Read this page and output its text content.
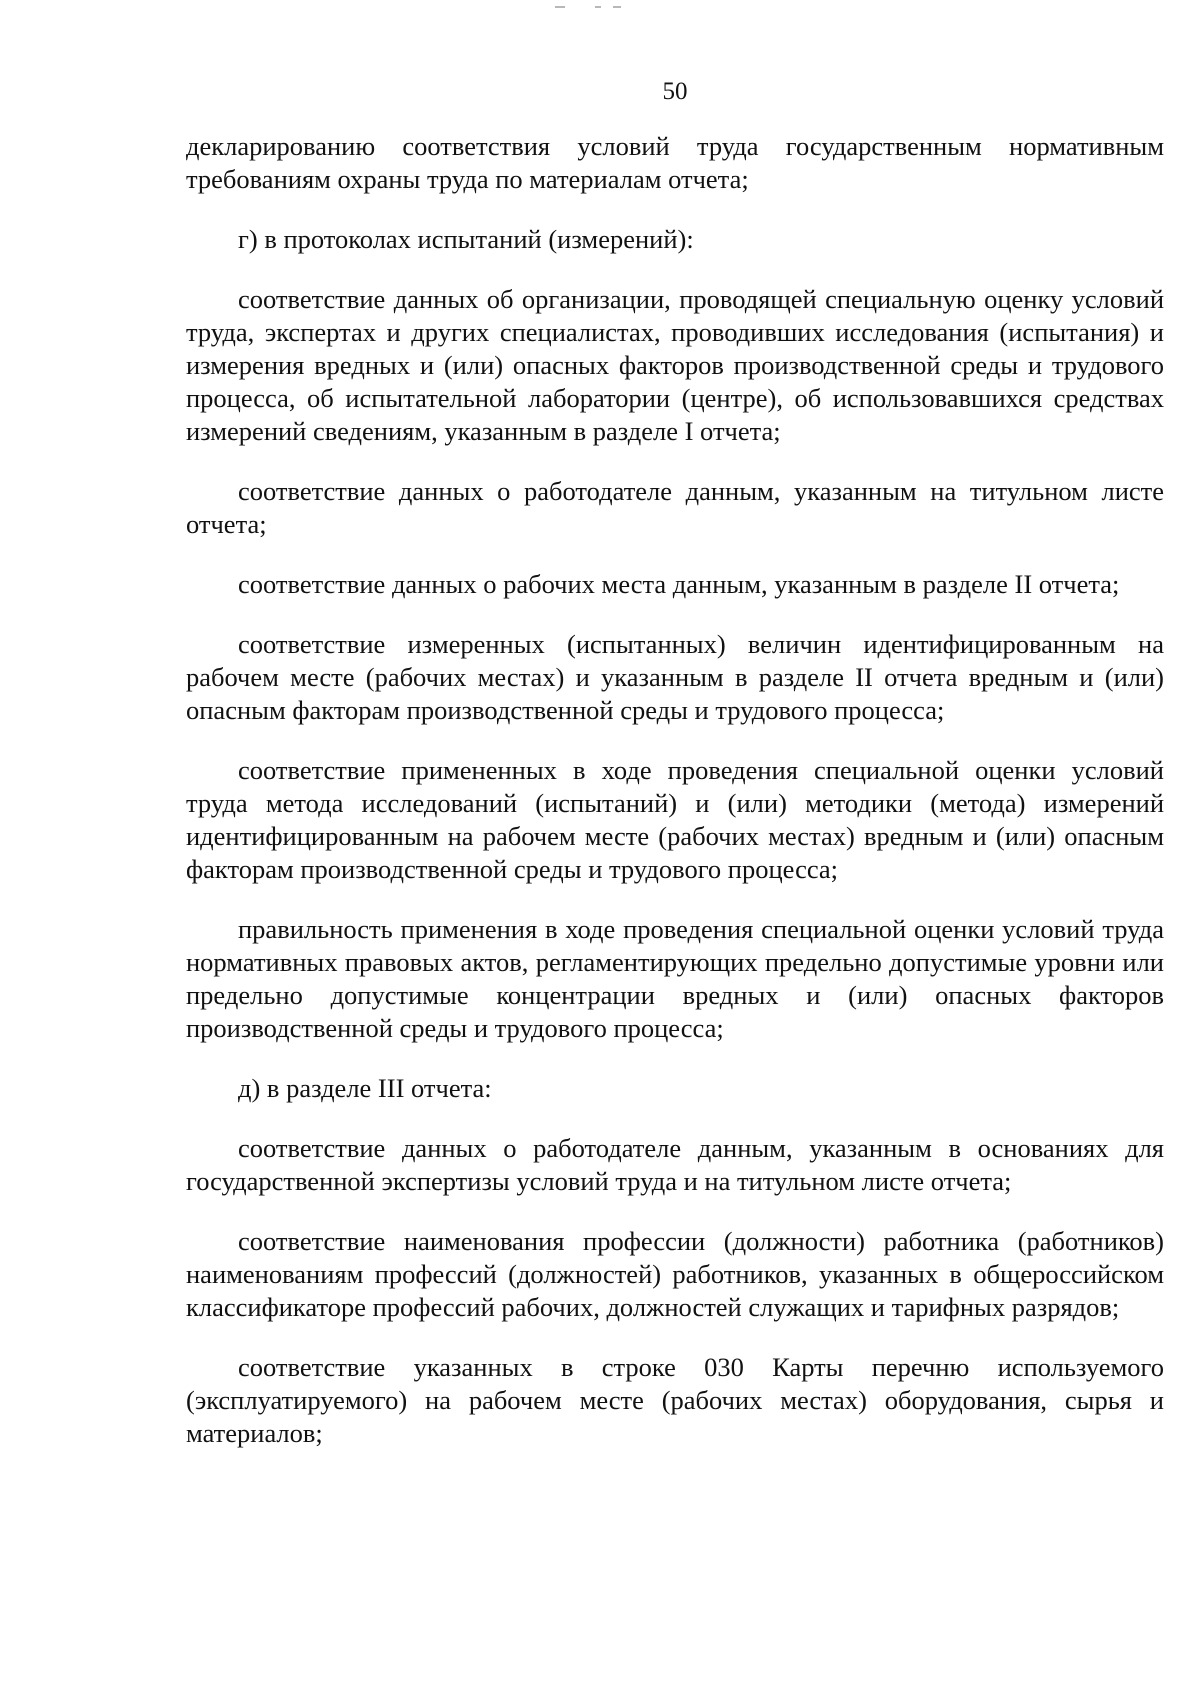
50

декларированию соответствия условий труда государственным нормативным требованиям охраны труда по материалам отчета;

г) в протоколах испытаний (измерений):

соответствие данных об организации, проводящей специальную оценку условий труда, экспертах и других специалистах, проводивших исследования (испытания) и измерения вредных и (или) опасных факторов производственной среды и трудового процесса, об испытательной лаборатории (центре), об использовавшихся средствах измерений сведениям, указанным в разделе I отчета;

соответствие данных о работодателе данным, указанным на титульном листе отчета;

соответствие данных о рабочих места данным, указанным в разделе II отчета;

соответствие измеренных (испытанных) величин идентифицированным на рабочем месте (рабочих местах) и указанным в разделе II отчета вредным и (или) опасным факторам производственной среды и трудового процесса;

соответствие примененных в ходе проведения специальной оценки условий труда метода исследований (испытаний) и (или) методики (метода) измерений идентифицированным на рабочем месте (рабочих местах) вредным и (или) опасным факторам производственной среды и трудового процесса;

правильность применения в ходе проведения специальной оценки условий труда нормативных правовых актов, регламентирующих предельно допустимые уровни или предельно допустимые концентрации вредных и (или) опасных факторов производственной среды и трудового процесса;

д) в разделе III отчета:

соответствие данных о работодателе данным, указанным в основаниях для государственной экспертизы условий труда и на титульном листе отчета;

соответствие наименования профессии (должности) работника (работников) наименованиям профессий (должностей) работников, указанных в общероссийском классификаторе профессий рабочих, должностей служащих и тарифных разрядов;

соответствие указанных в строке 030 Карты перечню используемого (эксплуатируемого) на рабочем месте (рабочих местах) оборудования, сырья и материалов;
